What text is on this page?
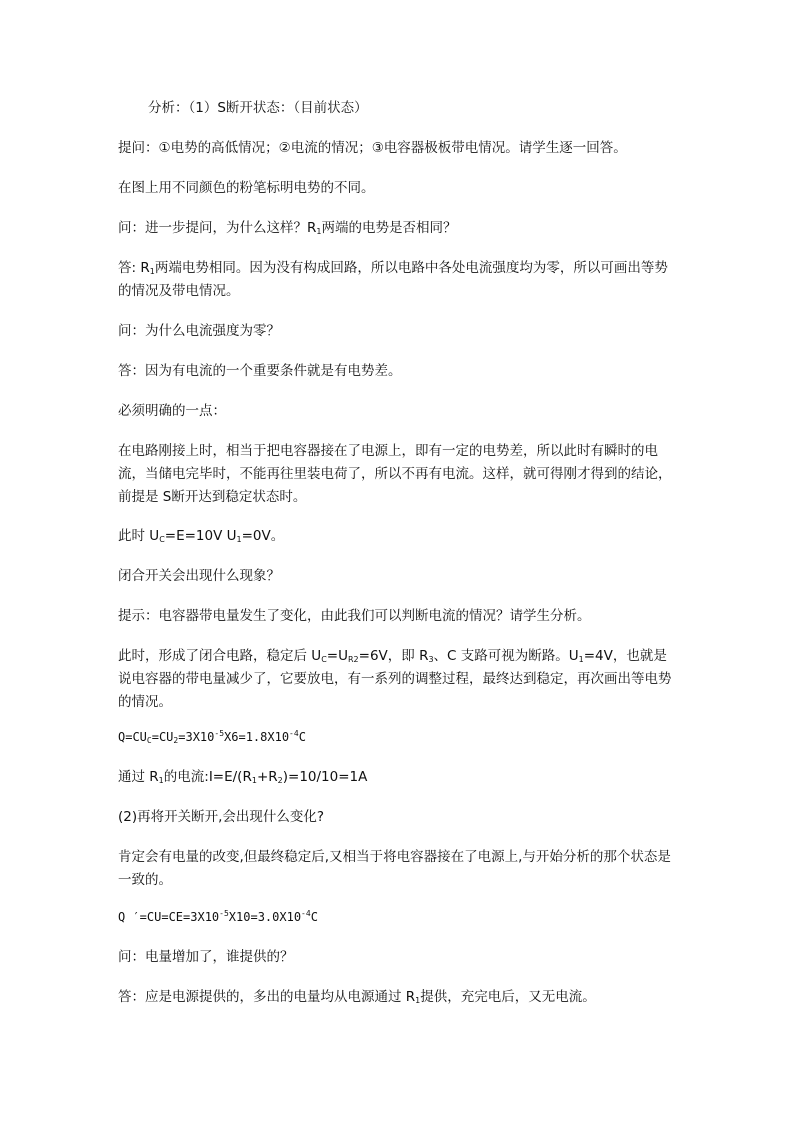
分析：（1）S断开状态：（目前状态）
提问：①电势的高低情况；②电流的情况；③电容器极板带电情况。请学生逐一回答。
在图上用不同颜色的粉笔标明电势的不同。
问：进一步提问，为什么这样？$R_1$两端的电势是否相同？
答: $R_1$两端电势相同。因为没有构成回路，所以电路中各处电流强度均为零，所以可画出等势的情况及带电情况。
问：为什么电流强度为零？
答：因为有电流的一个重要条件就是有电势差。
必须明确的一点：
在电路刚接上时，相当于把电容器接在了电源上，即有一定的电势差，所以此时有瞬时的电流，当储电完毕时，不能再往里装电荷了，所以不再有电流。这样，就可得刚才得到的结论，前提是 S断开达到稳定状态时。
此时 $U_C=E=10V$ $U_1=0V$。
闭合开关会出现什么现象？
提示：电容器带电量发生了变化，由此我们可以判断电流的情况？请学生分析。
此时，形成了闭合电路，稳定后 $U_C=U_{R2}=6V$，即 $R_3$、C 支路可视为断路。$U_1=4V$，也就是说电容器的带电量减少了，它要放电，有一系列的调整过程，最终达到稳定，再次画出等电势的情况。
$Q=CU_C=CU_2=3X10^{-5}X6=1.8X10^{-4}C$
通过 $R_1$的电流$:I=E/(R_1+R_2)=10/10=1A$
(2)再将开关断开,会出现什么变化?
肯定会有电量的改变,但最终稳定后,又相当于将电容器接在了电源上,与开始分析的那个状态是一致的。
Q $'=CU=CE=3X10^{-5}X10=3.0X10^{-4}C$
问：电量增加了，谁提供的？
答：应是电源提供的，多出的电量均从电源通过 $R_1$提供，充完电后，又无电流。
